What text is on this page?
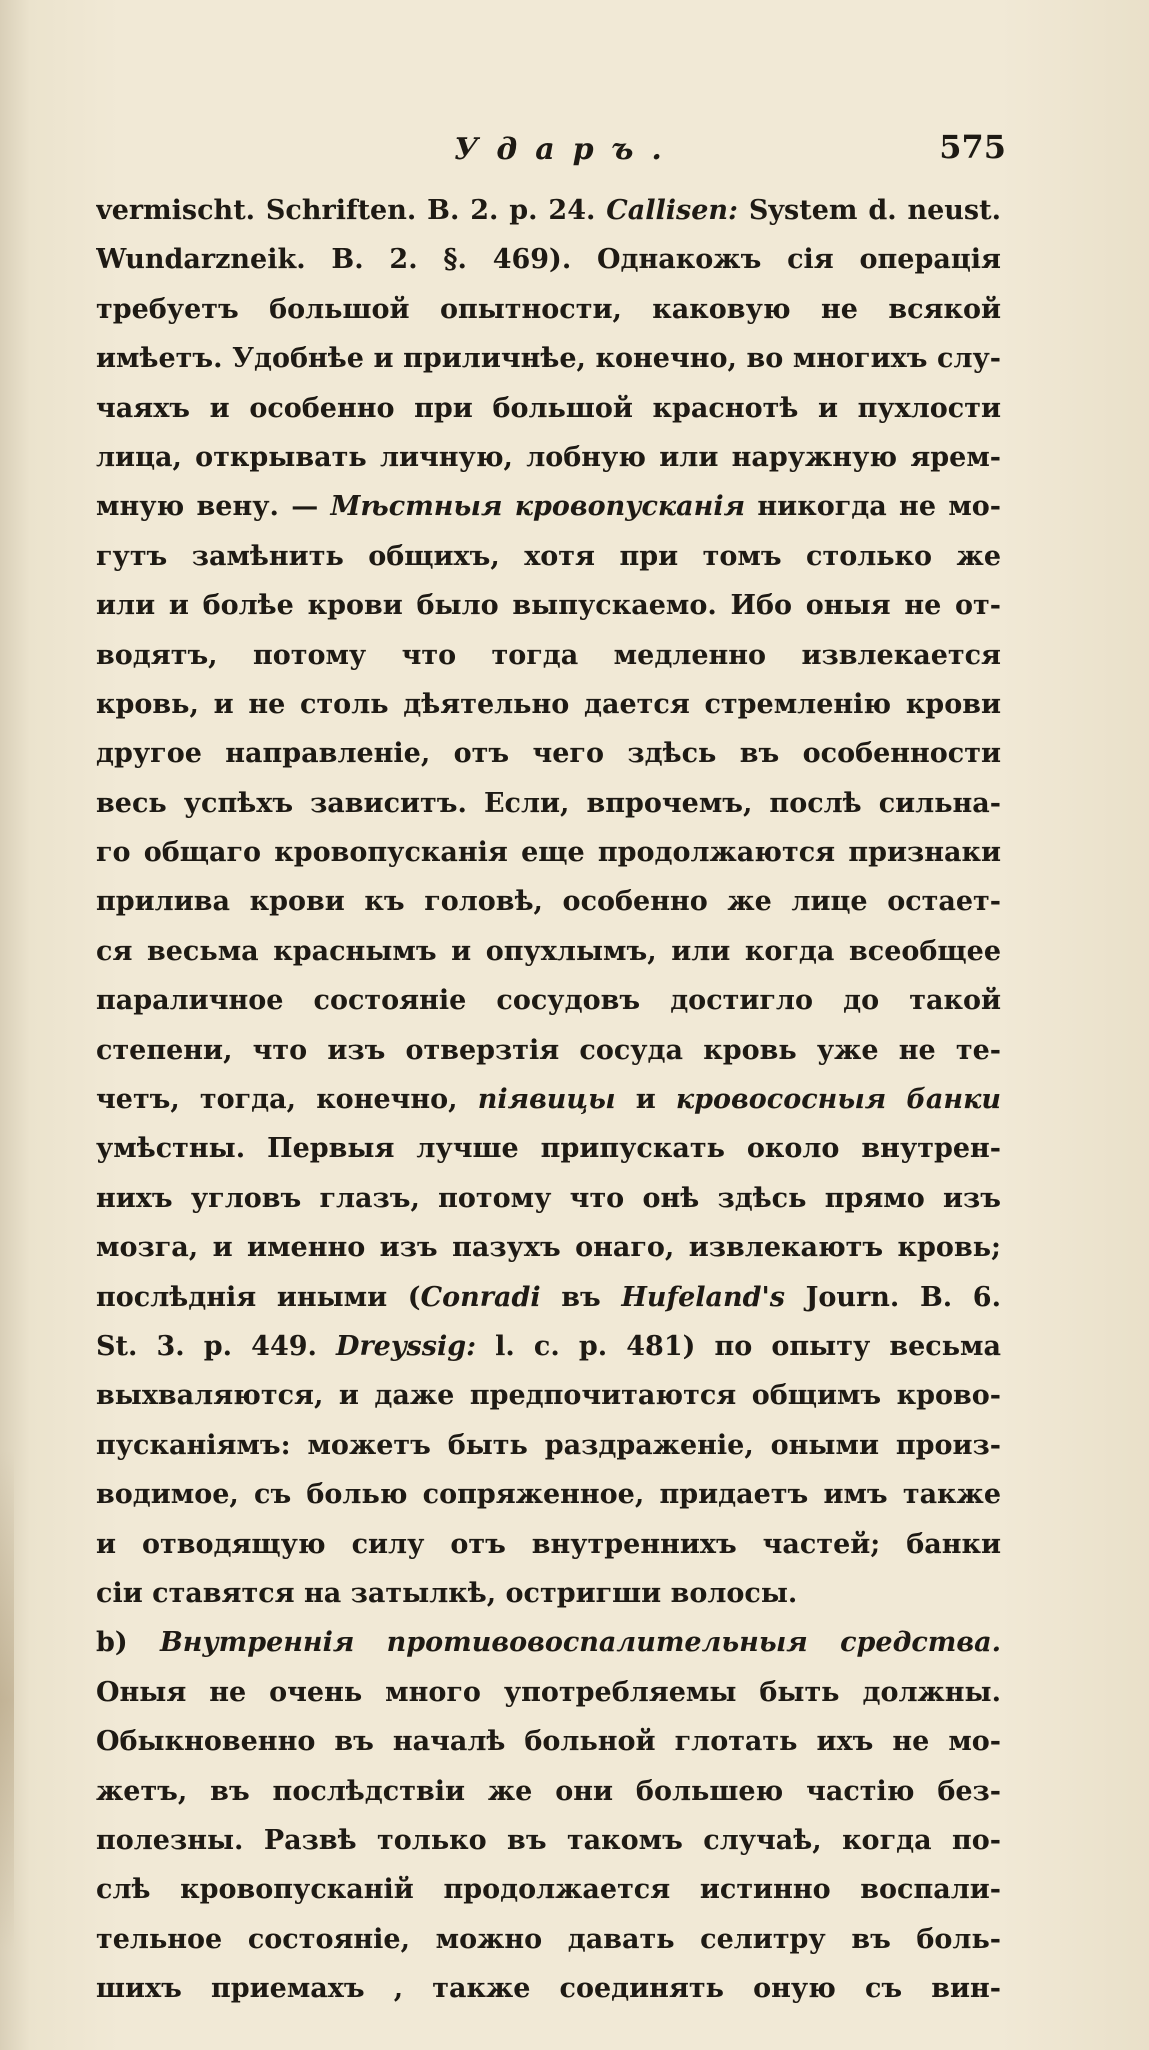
Ударъ.	575
vermischt. Schriften. B. 2. p. 24. Callisen: System d. neust.
Wundarzneik. B. 2. §. 469). Однакожъ сія операція
требуетъ большой опытности, каковую не всякой
имѣетъ. Удобнѣе и приличнѣе, конечно, во многихъ слу-
чаяхъ и особенно при большой краснотѣ и пухлости
лица, открывать личную, лобную или наружную ярем-
мную вену. — Мѣстныя кровопусканія никогда не мо-
гутъ замѣнить общихъ, хотя при томъ столько же
или и болѣе крови было выпускаемо. Ибо оныя не от-
водятъ, потому что тогда медленно извлекается
кровь, и не столь дѣятельно дается стремленію крови
другое направленіе, отъ чего здѣсь въ особенности
весь успѣхъ зависитъ. Если, впрочемъ, послѣ сильна-
го общаго кровопусканія еще продолжаются признаки
прилива крови къ головѣ, особенно же лице остает-
ся весьма краснымъ и опухлымъ, или когда всеобщее
параличное состояніе сосудовъ достигло до такой
степени, что изъ отверзтія сосуда кровь уже не те-
четъ, тогда, конечно, піявицы и кровососныя банки
умѣстны. Первыя лучше припускать около внутрен-
нихъ угловъ глазъ, потому что онѣ здѣсь прямо изъ
мозга, и именно изъ пазухъ онаго, извлекаютъ кровь;
послѣднія иными (Conradi въ Hufeland's Journ. B. 6.
St. 3. p. 449. Dreyssig: l. c. p. 481) по опыту весьма
выхваляются, и даже предпочитаются общимъ крово-
пусканіямъ: можетъ быть раздраженіе, оными произ-
водимое, съ болью сопряженное, придаетъ имъ также
и отводящую силу отъ внутреннихъ частей; банки
сіи ставятся на затылкѣ, остригши волосы.
b) Внутреннія противовоспалительныя средства.
Оныя не очень много употребляемы быть должны.
Обыкновенно въ началѣ больной глотать ихъ не мо-
жетъ, въ послѣдствіи же они большею частію без-
полезны. Развѣ только въ такомъ случаѣ, когда по-
слѣ кровопусканій продолжается истинно воспали-
тельное состояніе, можно давать селитру въ боль-
шихъ приемахъ , также соединять оную съ вин-
